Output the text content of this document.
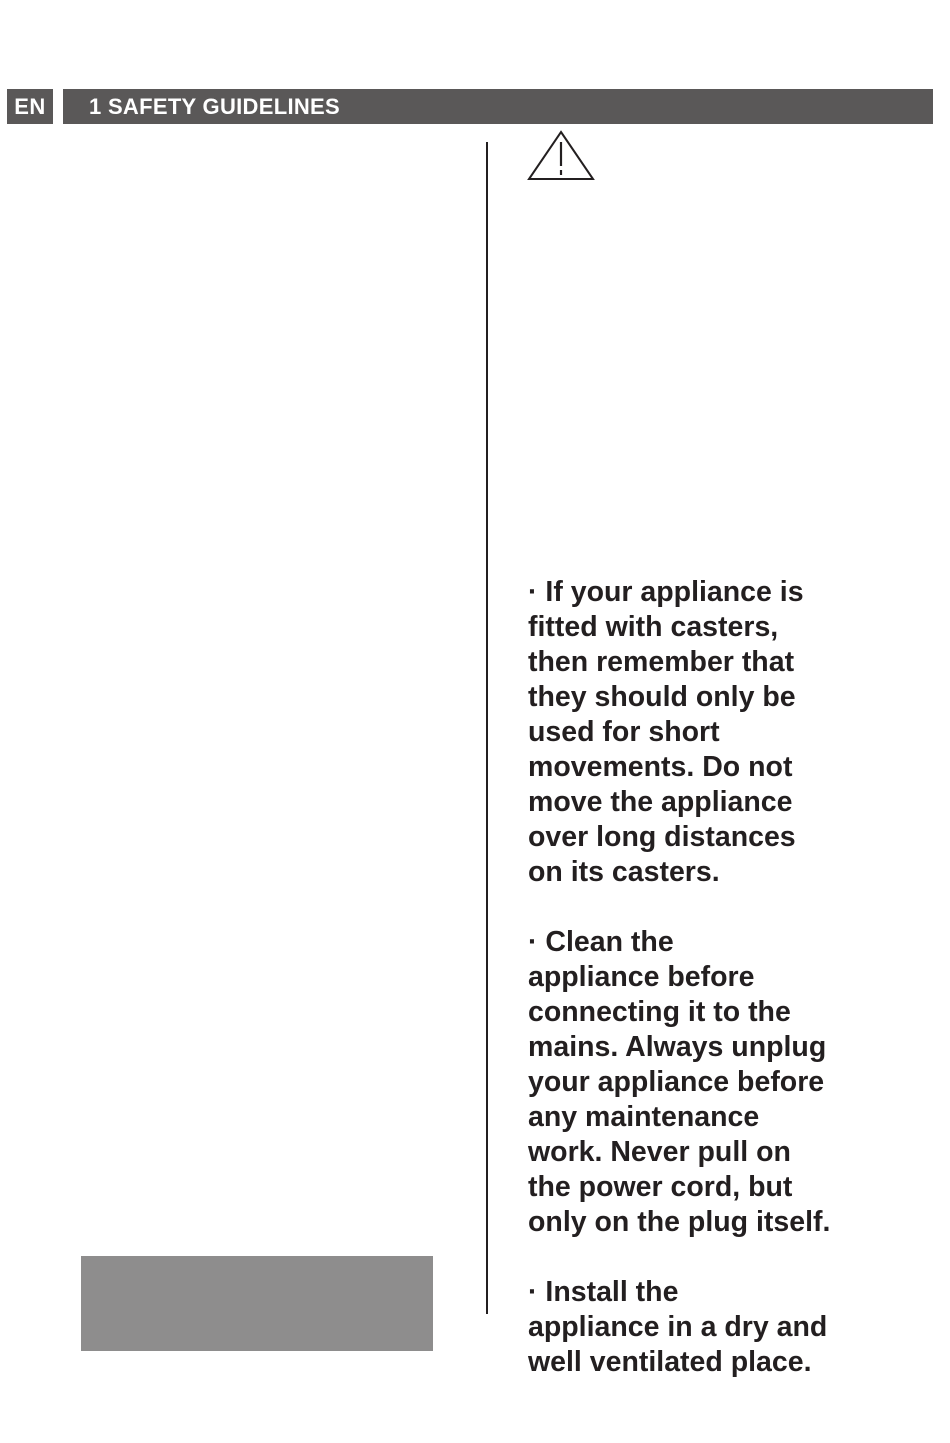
EN	1 SAFETY GUIDELINES

· If your appliance is
fitted with casters,
then remember that
they should only be
used for short
movements. Do not
move the appliance
over long distances
on its casters.

· Clean the
appliance before
connecting it to the
mains. Always unplug
your appliance before
any maintenance
work. Never pull on
the power cord, but
only on the plug itself.

· Install the
appliance in a dry and
well ventilated place.
